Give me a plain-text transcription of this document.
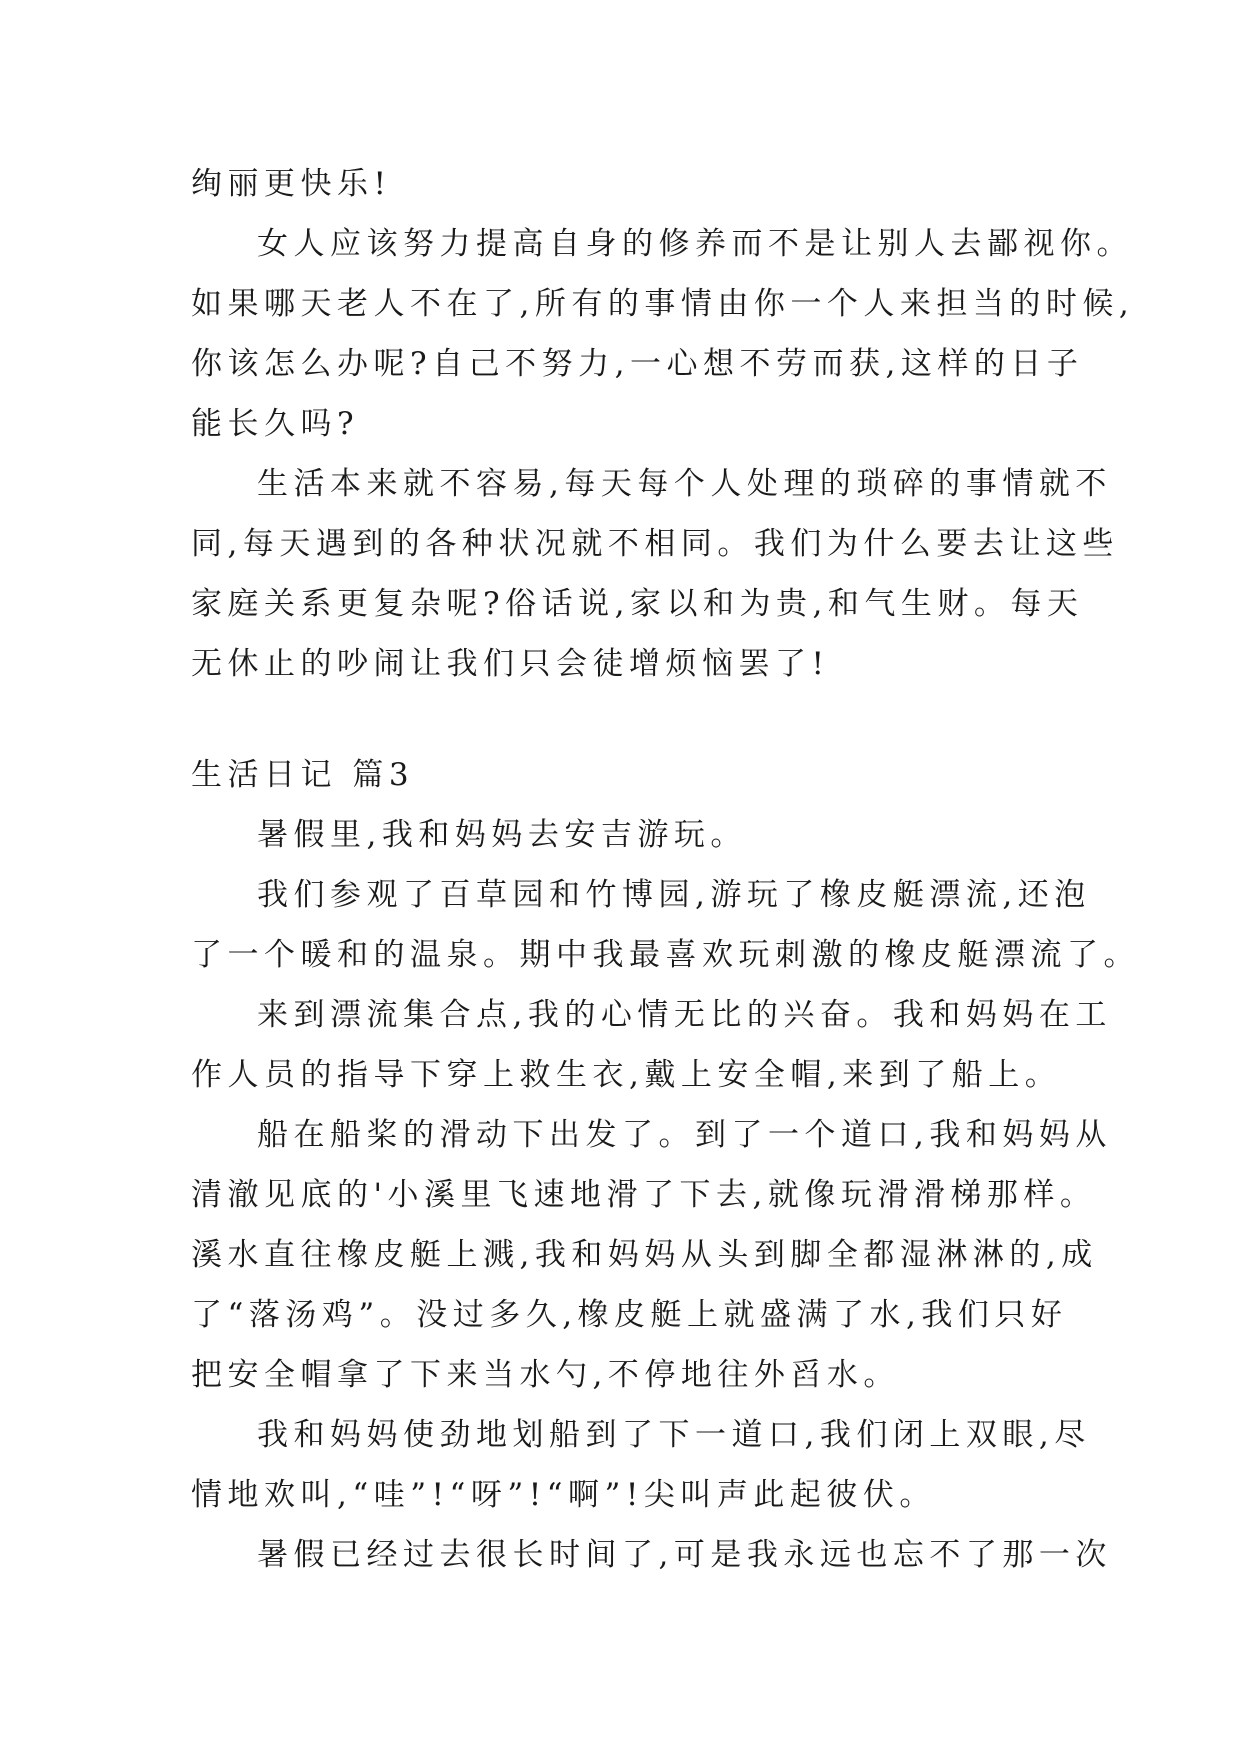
绚丽更快乐!
女人应该努力提高自身的修养而不是让别人去鄙视你。
如果哪天老人不在了,所有的事情由你一个人来担当的时候,
你该怎么办呢?自己不努力,一心想不劳而获,这样的日子
能长久吗?
生活本来就不容易,每天每个人处理的琐碎的事情就不
同,每天遇到的各种状况就不相同。我们为什么要去让这些
家庭关系更复杂呢?俗话说,家以和为贵,和气生财。每天
无休止的吵闹让我们只会徒增烦恼罢了!
生活日记 篇3
暑假里,我和妈妈去安吉游玩。
我们参观了百草园和竹博园,游玩了橡皮艇漂流,还泡
了一个暖和的温泉。期中我最喜欢玩刺激的橡皮艇漂流了。
来到漂流集合点,我的心情无比的兴奋。我和妈妈在工
作人员的指导下穿上救生衣,戴上安全帽,来到了船上。
船在船桨的滑动下出发了。到了一个道口,我和妈妈从
清澈见底的'小溪里飞速地滑了下去,就像玩滑滑梯那样。
溪水直往橡皮艇上溅,我和妈妈从头到脚全都湿淋淋的,成
了“落汤鸡”。没过多久,橡皮艇上就盛满了水,我们只好
把安全帽拿了下来当水勺,不停地往外舀水。
我和妈妈使劲地划船到了下一道口,我们闭上双眼,尽
情地欢叫,“哇”!“呀”!“啊”!尖叫声此起彼伏。
暑假已经过去很长时间了,可是我永远也忘不了那一次
